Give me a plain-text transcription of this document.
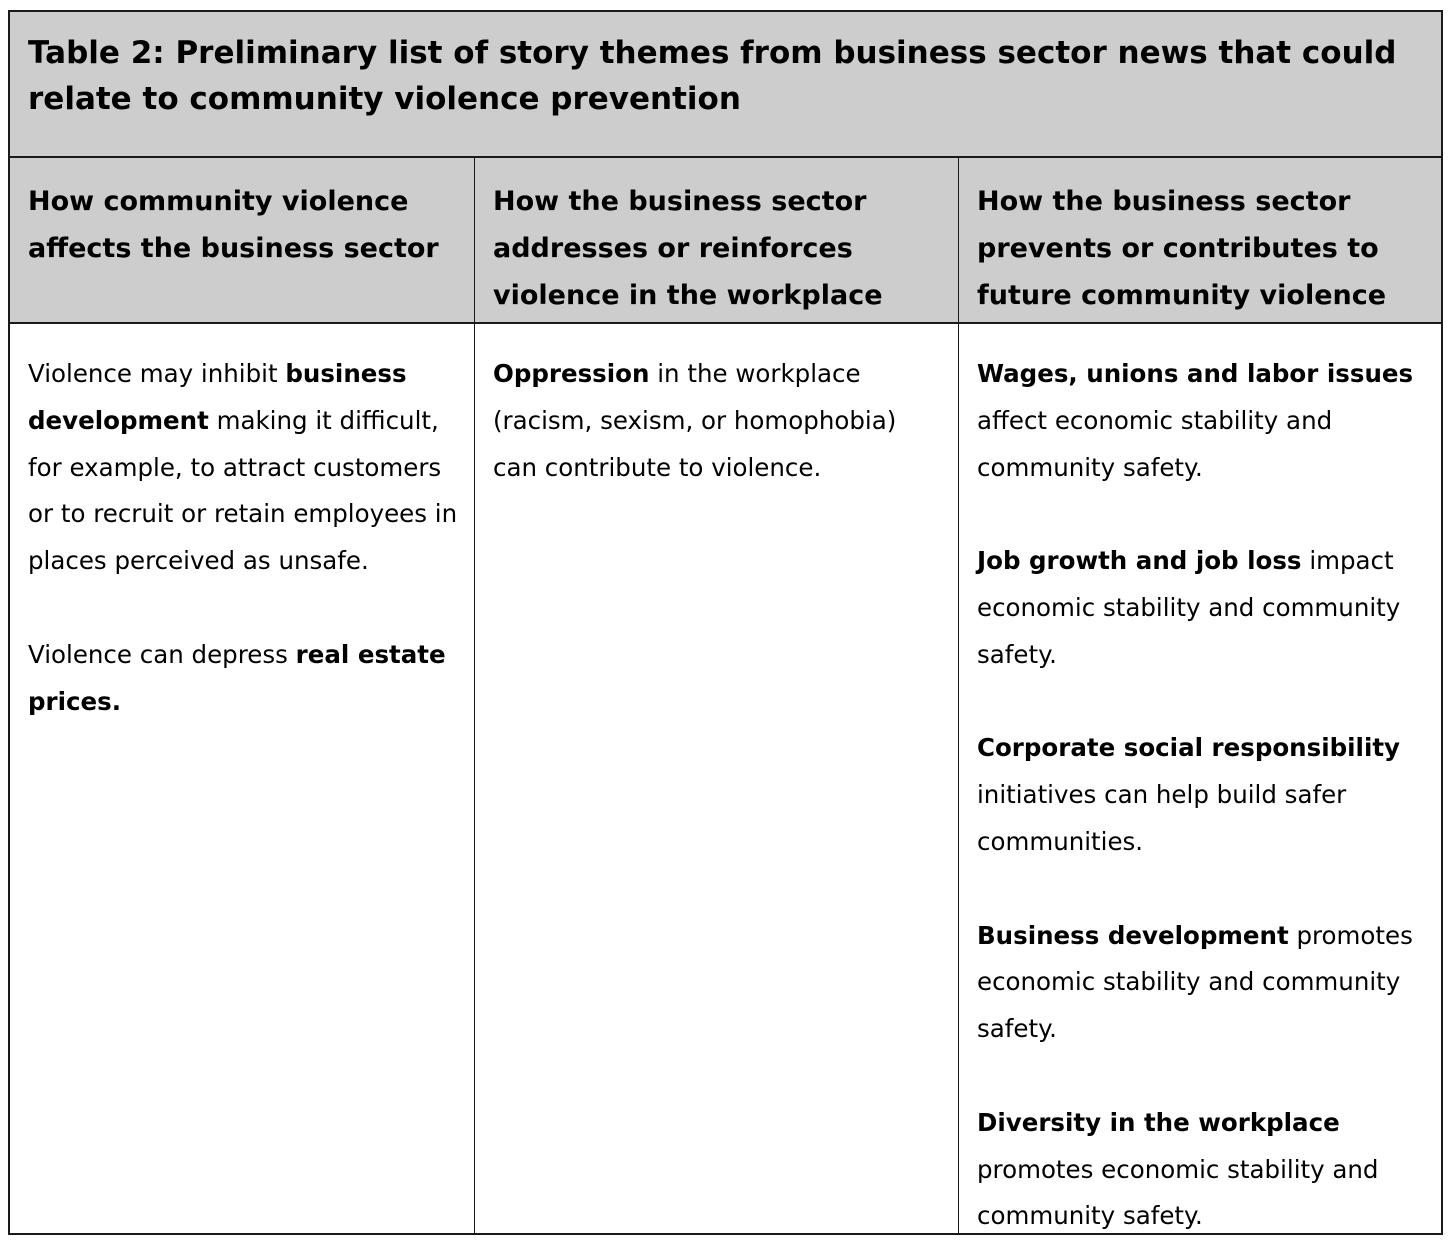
Table 2: Preliminary list of story themes from business sector news that could relate to community violence prevention
How community violence affects the business sector
How the business sector addresses or reinforces violence in the workplace
How the business sector prevents or contributes to future community violence

Violence may inhibit business development making it difficult, for example, to attract customers or to recruit or retain employees in places perceived as unsafe.

Violence can depress real estate prices.

Oppression in the workplace (racism, sexism, or homophobia) can contribute to violence.

Wages, unions and labor issues affect economic stability and community safety.

Job growth and job loss impact economic stability and community safety.

Corporate social responsibility initiatives can help build safer communities.

Business development promotes economic stability and community safety.

Diversity in the workplace promotes economic stability and community safety.
